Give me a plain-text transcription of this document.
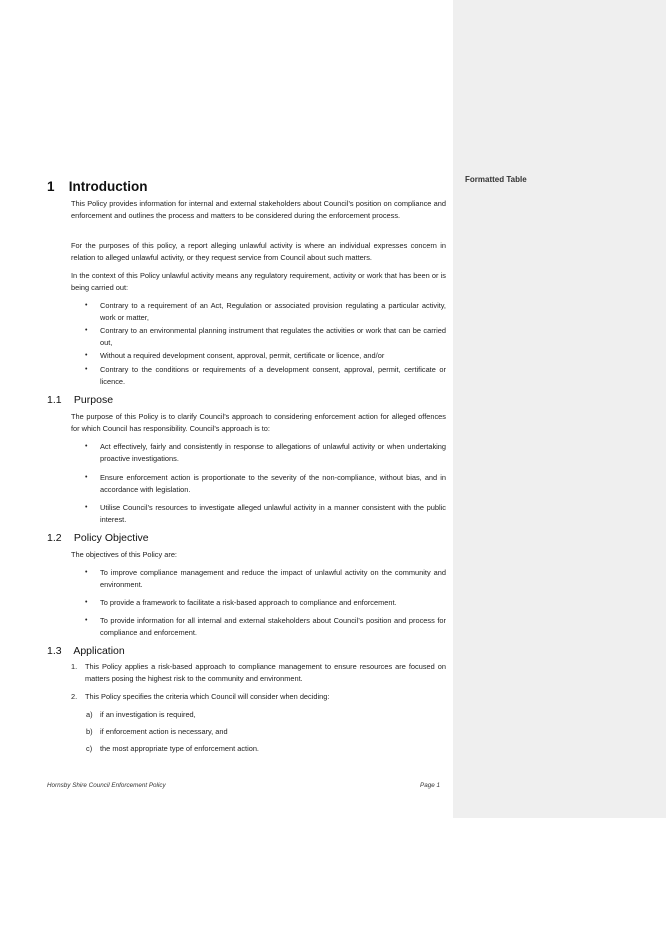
Formatted Table
1 Introduction
This Policy provides information for internal and external stakeholders about Council’s position on compliance and enforcement and outlines the process and matters to be considered during the enforcement process.
For the purposes of this policy, a report alleging unlawful activity is where an individual expresses concern in relation to alleged unlawful activity, or they request service from Council about such matters.
In the context of this Policy unlawful activity means any regulatory requirement, activity or work that has been or is being carried out:
• Contrary to a requirement of an Act, Regulation or associated provision regulating a particular activity, work or matter,
• Contrary to an environmental planning instrument that regulates the activities or work that can be carried out,
• Without a required development consent, approval, permit, certificate or licence, and/or
• Contrary to the conditions or requirements of a development consent, approval, permit, certificate or licence.
1.1 Purpose
The purpose of this Policy is to clarify Council’s approach to considering enforcement action for alleged offences for which Council has responsibility. Council’s approach is to:
• Act effectively, fairly and consistently in response to allegations of unlawful activity or when undertaking proactive investigations.
• Ensure enforcement action is proportionate to the severity of the non-compliance, without bias, and in accordance with legislation.
• Utilise Council’s resources to investigate alleged unlawful activity in a manner consistent with the public interest.
1.2 Policy Objective
The objectives of this Policy are:
• To improve compliance management and reduce the impact of unlawful activity on the community and environment.
• To provide a framework to facilitate a risk-based approach to compliance and enforcement.
• To provide information for all internal and external stakeholders about Council’s position and process for compliance and enforcement.
1.3 Application
1. This Policy applies a risk-based approach to compliance management to ensure resources are focused on matters posing the highest risk to the community and environment.
2. This Policy specifies the criteria which Council will consider when deciding:
a) if an investigation is required,
b) if enforcement action is necessary, and
c) the most appropriate type of enforcement action.
Hornsby Shire Council Enforcement Policy	Page 1
